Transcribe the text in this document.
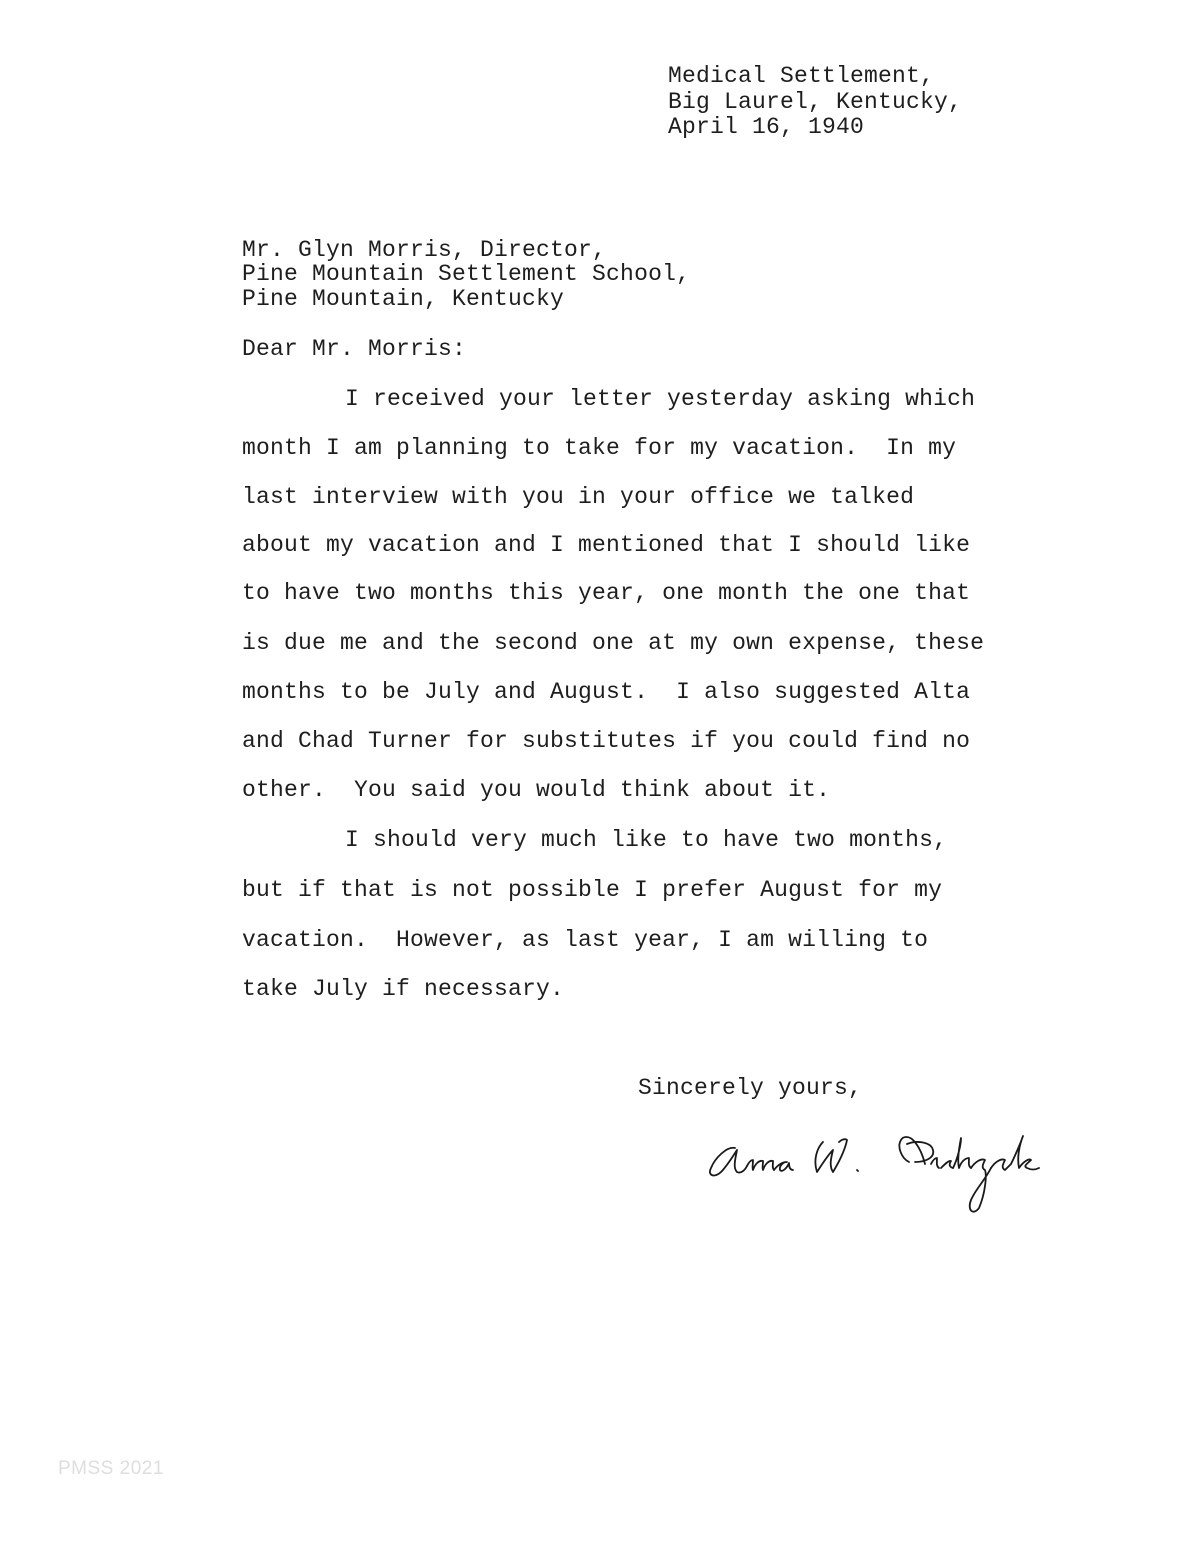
Medical Settlement,
Big Laurel, Kentucky,
April 16, 1940
Mr. Glyn Morris, Director,
Pine Mountain Settlement School,
Pine Mountain, Kentucky
Dear Mr. Morris:
I received your letter yesterday asking which
month I am planning to take for my vacation.  In my
last interview with you in your office we talked
about my vacation and I mentioned that I should like
to have two months this year, one month the one that
is due me and the second one at my own expense, these
months to be July and August.  I also suggested Alta
and Chad Turner for substitutes if you could find no
other.  You said you would think about it.
I should very much like to have two months,
but if that is not possible I prefer August for my
vacation.  However, as last year, I am willing to
take July if necessary.
Sincerely yours,
PMSS 2021
